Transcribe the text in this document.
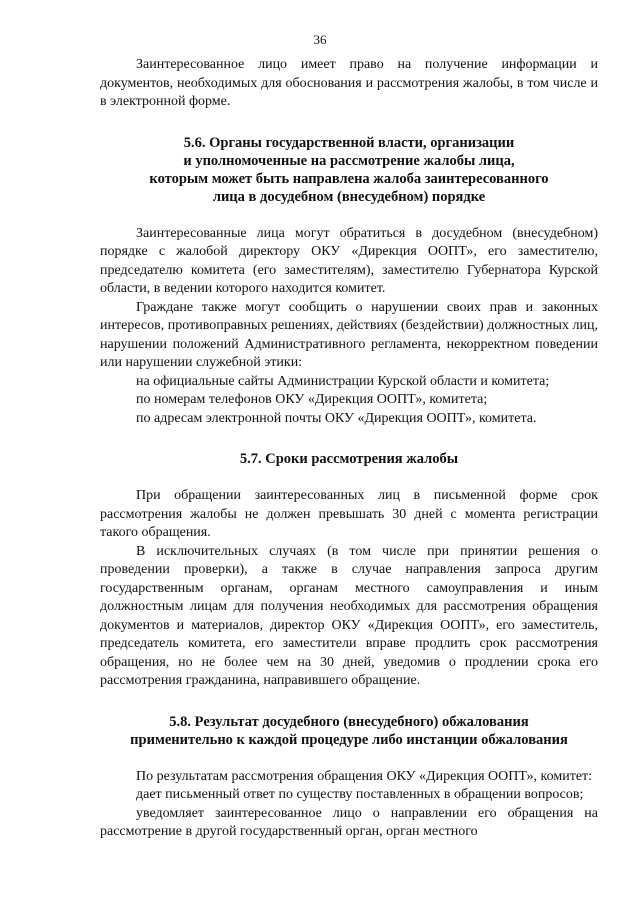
36

Заинтересованное лицо имеет право на получение информации и документов, необходимых для обоснования и рассмотрения жалобы, в том числе и в электронной форме.

5.6. Органы государственной власти, организации
и уполномоченные на рассмотрение жалобы лица,
которым может быть направлена жалоба заинтересованного
лица в досудебном (внесудебном) порядке

Заинтересованные лица могут обратиться в досудебном (внесудебном) порядке с жалобой директору ОКУ «Дирекция ООПТ», его заместителю, председателю комитета (его заместителям), заместителю Губернатора Курской области, в ведении которого находится комитет.

Граждане также могут сообщить о нарушении своих прав и законных интересов, противоправных решениях, действиях (бездействии) должностных лиц, нарушении положений Административного регламента, некорректном поведении или нарушении служебной этики:

на официальные сайты Администрации Курской области и комитета;

по номерам телефонов ОКУ «Дирекция ООПТ», комитета;

по адресам электронной почты ОКУ «Дирекция ООПТ», комитета.

5.7. Сроки рассмотрения жалобы

При обращении заинтересованных лиц в письменной форме срок рассмотрения жалобы не должен превышать 30 дней с момента регистрации такого обращения.

В исключительных случаях (в том числе при принятии решения о проведении проверки), а также в случае направления запроса другим государственным органам, органам местного самоуправления и иным должностным лицам для получения необходимых для рассмотрения обращения документов и материалов, директор ОКУ «Дирекция ООПТ», его заместитель, председатель комитета, его заместители вправе продлить срок рассмотрения обращения, но не более чем на 30 дней, уведомив о продлении срока его рассмотрения гражданина, направившего обращение.

5.8. Результат досудебного (внесудебного) обжалования
применительно к каждой процедуре либо инстанции обжалования

По результатам рассмотрения обращения ОКУ «Дирекция ООПТ», комитет:

дает письменный ответ по существу поставленных в обращении вопросов;

уведомляет заинтересованное лицо о направлении его обращения на рассмотрение в другой государственный орган, орган местного
